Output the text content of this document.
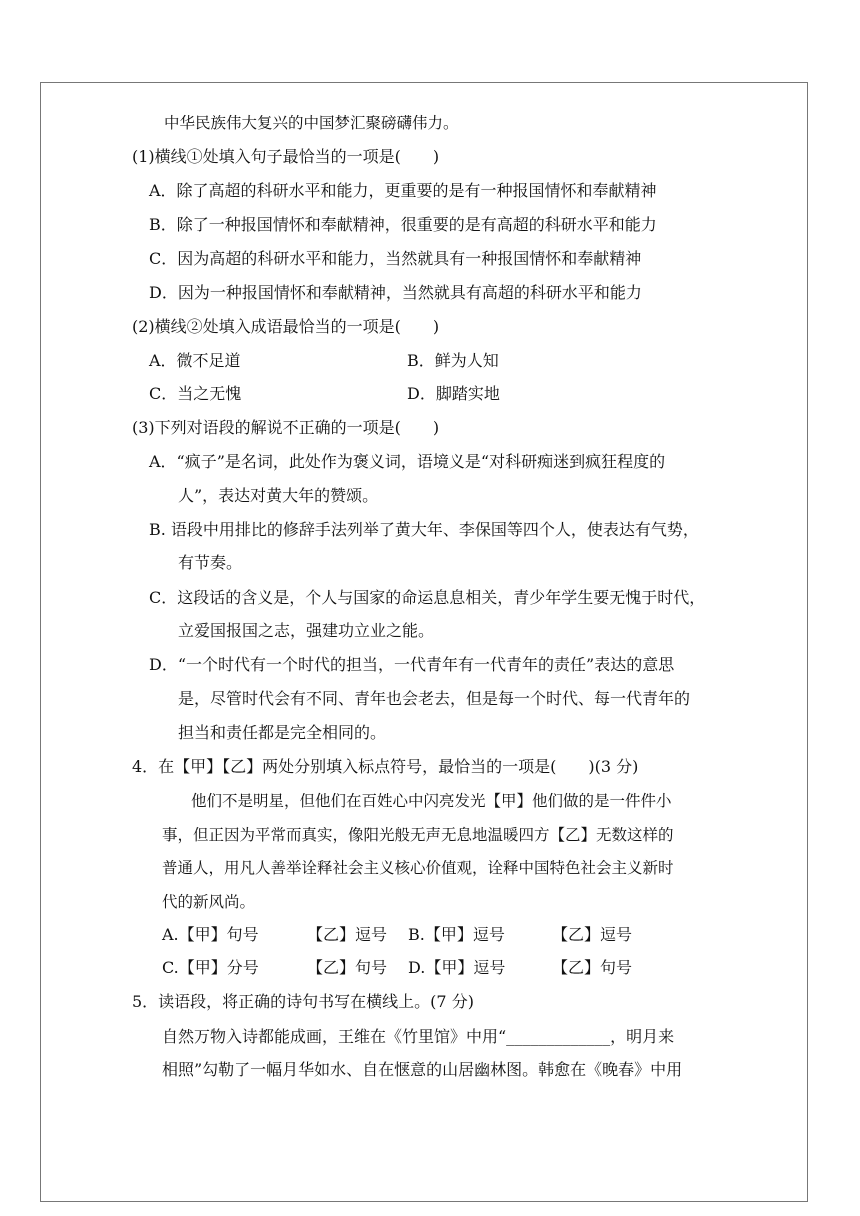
中华民族伟大复兴的中国梦汇聚磅礴伟力。
(1)横线①处填入句子最恰当的一项是(　　)
A．除了高超的科研水平和能力，更重要的是有一种报国情怀和奉献精神
B．除了一种报国情怀和奉献精神，很重要的是有高超的科研水平和能力
C．因为高超的科研水平和能力，当然就具有一种报国情怀和奉献精神
D．因为一种报国情怀和奉献精神，当然就具有高超的科研水平和能力
(2)横线②处填入成语最恰当的一项是(　　)
A．微不足道	B．鲜为人知
C．当之无愧	D．脚踏实地
(3)下列对语段的解说不正确的一项是(　　)
A．“疯子”是名词，此处作为褒义词，语境义是“对科研痴迷到疯狂程度的
人”，表达对黄大年的赞颂。
B. 语段中用排比的修辞手法列举了黄大年、李保国等四个人，使表达有气势，
有节奏。
C．这段话的含义是，个人与国家的命运息息相关，青少年学生要无愧于时代，
立爱国报国之志，强建功立业之能。
D．“一个时代有一个时代的担当，一代青年有一代青年的责任”表达的意思
是，尽管时代会有不同、青年也会老去，但是每一个时代、每一代青年的
担当和责任都是完全相同的。
4．在【甲】【乙】两处分别填入标点符号，最恰当的一项是(　　)(3 分)
他们不是明星，但他们在百姓心中闪亮发光【甲】他们做的是一件件小
事，但正因为平常而真实，像阳光般无声无息地温暖四方【乙】无数这样的
普通人，用凡人善举诠释社会主义核心价值观，诠释中国特色社会主义新时
代的新风尚。
A.【甲】句号	【乙】逗号 B.【甲】逗号	【乙】逗号
C.【甲】分号	【乙】句号 D.【甲】逗号	【乙】句号
5．读语段，将正确的诗句书写在横线上。(7 分)
自然万物入诗都能成画，王维在《竹里馆》中用“_____________，明月来
相照”勾勒了一幅月华如水、自在惬意的山居幽林图。韩愈在《晚春》中用
